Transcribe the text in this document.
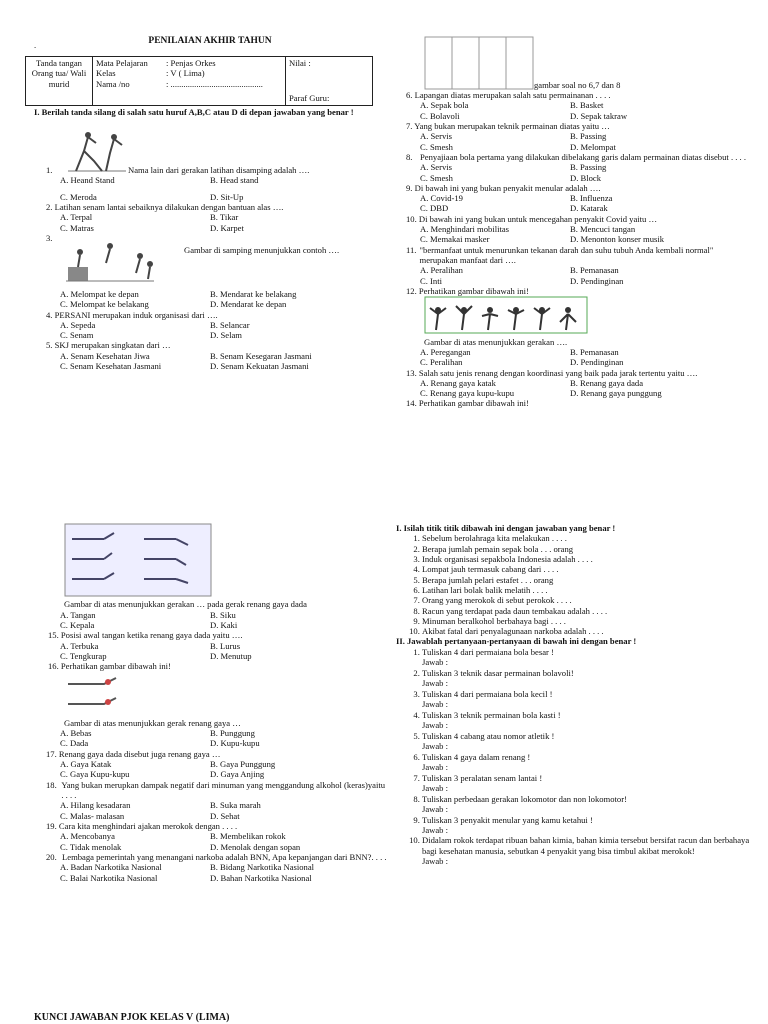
.	PENILAIAN AKHIR TAHUN
Tanda tangan Orang tua/ Wali murid	
Mata Pelajaran	: Penjas Orkes
Kelas	: V ( Lima)
Nama /no	: ...........................................

Nilai :
Paraf Guru:
I. Berilah tanda silang di salah satu huruf A,B,C atau D di depan jawaban yang benar !
1.	Nama lain dari gerakan latihan disamping adalah ….
A. Heand Stand	B. Head stand
C. Meroda	D. Sit-Up
2. Latihan senam lantai sebaiknya dilakukan dengan bantuan alas ….
A. Terpal	B. Tikar
C. Matras	D. Karpet
3.
Gambar di samping menunjukkan contoh ….
A. Melompat ke depan	B. Mendarat ke belakang
C. Melompat ke belakang	D. Mendarat ke depan
4. PERSANI merupakan induk organisasi dari ….
A. Sepeda	B. Selancar
C. Senam	D. Selam
5. SKJ merupakan singkatan dari …
A. Senam Kesehatan Jiwa	B. Senam Kesegaran Jasmani
C. Senam Kesehatan Jasmani	D. Senam Kekuatan Jasmani
gambar soal no 6,7 dan 8
6. Lapangan diatas merupakan salah satu permainanan . . . .
A. Sepak bola	B. Basket
C. Bolavoli	D. Sepak takraw
7. Yang bukan merupakan teknik permainan diatas yaitu …
A. Servis	B. Passing
C. Smesh	D. Melompat
8. Penyajiaan bola pertama yang dilakukan dibelakang garis dalam permainan diatas disebut . . . .
A. Servis	B. Passing
C. Smesh	D. Block
9. Di bawah ini yang bukan penyakit menular adalah ….
A. Covid-19	B. Influenza
C. DBD	D. Katarak
10. Di bawah ini yang bukan untuk mencegahan penyakit Covid yaitu …
A. Menghindari mobilitas	B. Mencuci tangan
C. Memakai masker	D. Menonton konser musik
11. "bermanfaat untuk menurunkan tekanan darah dan suhu tubuh Anda kembali normal" merupakan manfaat dari ….
A. Peralihan	B. Pemanasan
C. Inti	D. Pendinginan
12. Perhatikan gambar dibawah ini!
Gambar di atas menunjukkan gerakan ….
A. Peregangan	B. Pemanasan
C. Peralihan	D. Pendinginan
13. Salah satu jenis renang dengan koordinasi yang baik pada jarak tertentu yaitu ….
A. Renang gaya katak	B. Renang gaya dada
C. Renang gaya kupu-kupu	D. Renang gaya punggung
14. Perhatikan gambar dibawah ini!
Gambar di atas menunjukkan gerakan … pada gerak renang gaya dada
A. Tangan	B. Siku
C. Kepala	D. Kaki
15. Posisi awal tangan ketika renang gaya dada yaitu ….
A. Terbuka	B. Lurus
C. Tengkurap	D. Menutup
16. Perhatikan gambar dibawah ini!
Gambar di atas menunjukkan gerak renang gaya …
A. Bebas	B. Punggung
C. Dada	D. Kupu-kupu
17. Renang gaya dada disebut juga renang gaya …
A. Gaya Katak	B. Gaya Punggung
C. Gaya Kupu-kupu	D. Gaya Anjing
18. Yang bukan merupkan dampak negatif dari minuman yang menggandung alkohol (keras)yaitu . . . .
A. Hilang kesadaran	B. Suka marah
C. Malas- malasan	D. Sehat
19. Cara kita menghindari ajakan merokok dengan . . . .
A. Mencobanya	B. Membelikan rokok
C. Tidak menolak	D. Menolak dengan sopan
20. Lembaga pemerintah yang menangani narkoba adalah BNN, Apa kepanjangan dari BNN?. . . .
A. Badan Narkotika Nasional	B. Bidang Narkotika Nasional
C. Balai Narkotika Nasional	D. Bahan Narkotika Nasional
I. Isilah titik titik dibawah ini dengan jawaban yang benar !
1. Sebelum berolahraga kita melakukan . . . .
2. Berapa jumlah pemain sepak bola . . . orang
3. Induk organisasi sepakbola Indonesia adalah . . . .
4. Lompat jauh termasuk cabang dari . . . .
5. Berapa jumlah pelari estafet . . . orang
6. Latihan lari bolak balik melatih . . . .
7. Orang yang merokok di sebut perokok . . . .
8. Racun yang terdapat pada daun tembakau adalah . . . .
9. Minuman beralkohol berbahaya bagi . . . .
10. Akibat fatal dari penyalagunaan narkoba adalah . . . .
II. Jawablah pertanyaan-pertanyaan di bawah ini dengan benar !
1. Tuliskan 4 dari permaiana bola besar !
Jawab :
2. Tuliskan 3 teknik dasar permainan bolavoli!
Jawab :
3. Tuliskan 4 dari permaiana bola kecil !
Jawab :
4. Tuliskan 3 teknik permainan bola kasti !
Jawab :
5. Tuliskan 4 cabang atau nomor atletik !
Jawab :
6. Tuliskan 4 gaya dalam renang !
Jawab :
7. Tuliskan 3 peralatan senam lantai !
Jawab :
8. Tuliskan perbedaan gerakan lokomotor dan non lokomotor!
Jawab :
9. Tuliskan 3 penyakit menular yang kamu ketahui !
Jawab :
10. Didalam rokok terdapat ribuan bahan kimia, bahan kimia tersebut bersifat racun dan berbahaya bagi kesehatan manusia, sebutkan 4 penyakit yang bisa timbul akibat merokok!
Jawab :
KUNCI JAWABAN PJOK KELAS V (LIMA)
